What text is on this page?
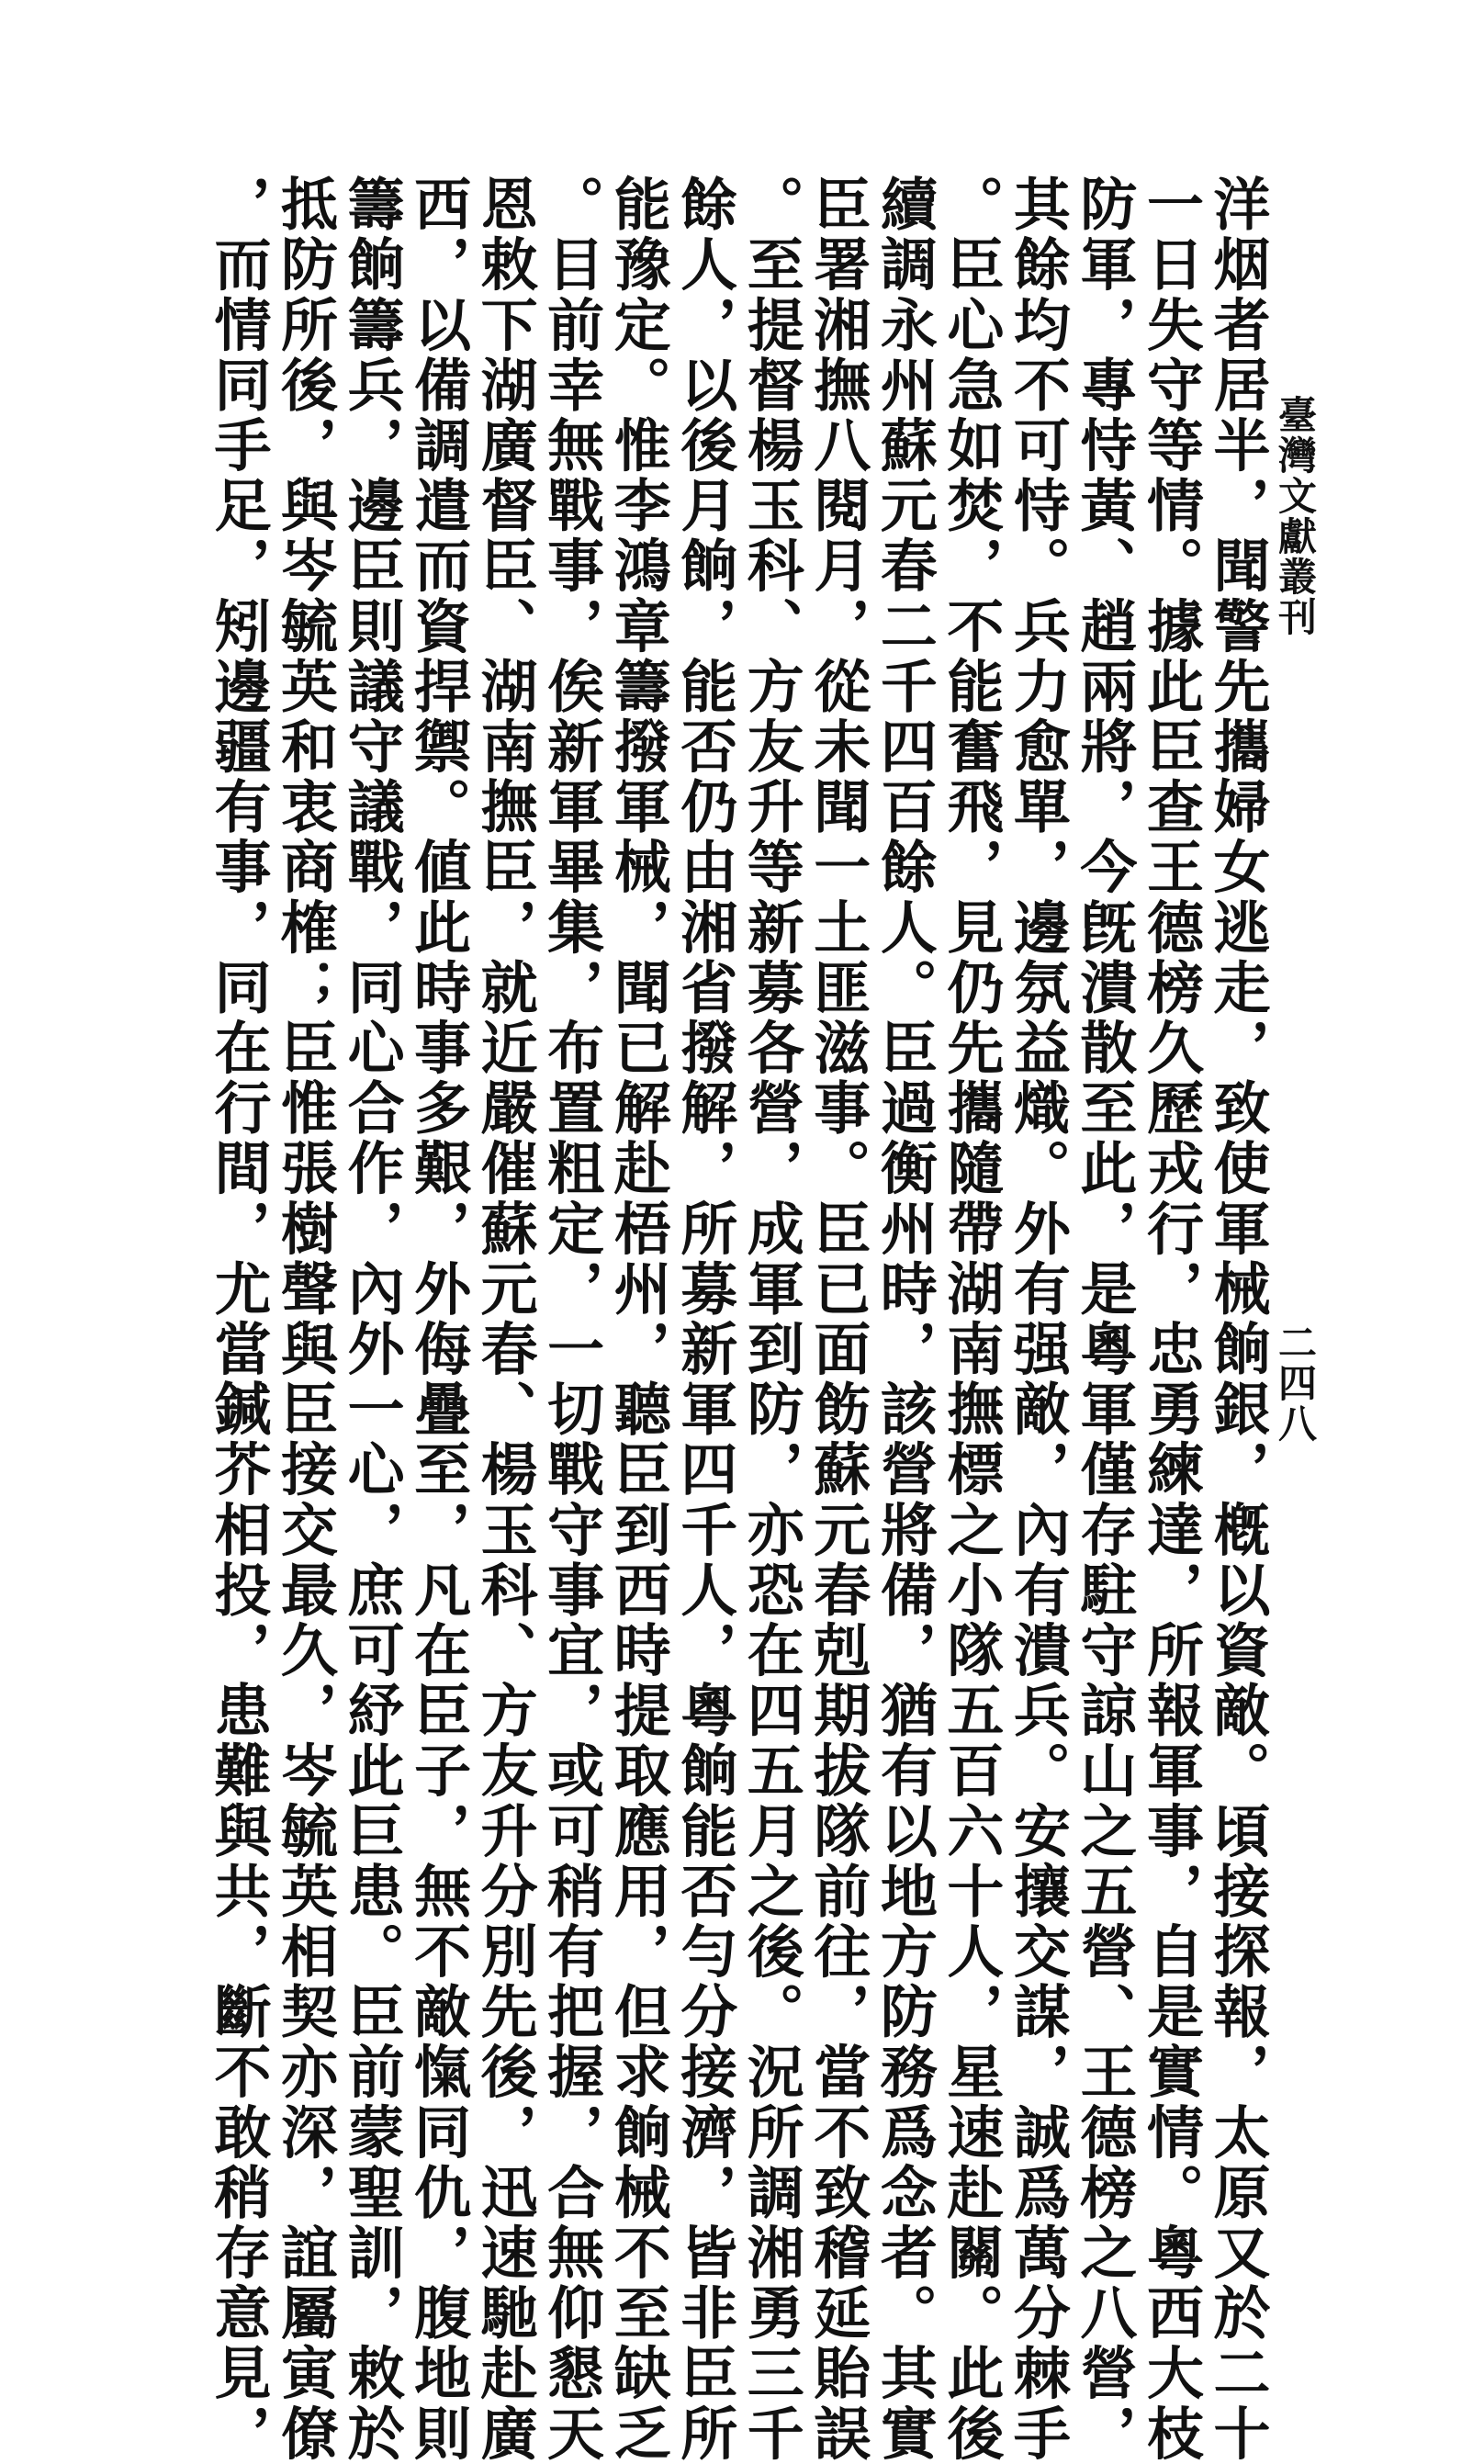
臺灣文獻叢刊
二四八
洋烟者居半，聞警先攜婦女逃走，致使軍械餉銀，槪以資敵。頃接探報，太原又於二十
一日失守等情。據此臣查王德榜久歷戎行，忠勇練達，所報軍事，自是實情。粵西大枝
防軍，專恃黃、趙兩將，今旣潰散至此，是粵軍僅存駐守諒山之五營、王德榜之八營，
其餘均不可恃。兵力愈單，邊氛益熾。外有强敵，內有潰兵。安攘交謀，誠爲萬分棘手
。臣心急如焚，不能奮飛，見仍先攜隨帶湖南撫標之小隊五百六十人，星速赴關。此後
續調永州蘇元春二千四百餘人。臣過衡州時，該營將備，猶有以地方防務爲念者。其實
臣署湘撫八閱月，從未聞一土匪滋事。臣已面飭蘇元春剋期拔隊前往，當不致稽延貽誤
。至提督楊玉科、方友升等新募各營，成軍到防，亦恐在四五月之後。況所調湘勇三千
餘人，以後月餉，能否仍由湘省撥解，所募新軍四千人，粵餉能否勻分接濟，皆非臣所
能豫定。惟李鴻章籌撥軍械，聞已解赴梧州，聽臣到西時提取應用，但求餉械不至缺乏
。目前幸無戰事，俟新軍畢集，布置粗定，一切戰守事宜，或可稍有把握，合無仰懇天
恩敕下湖廣督臣、湖南撫臣，就近嚴催蘇元春、楊玉科、方友升分別先後，迅速馳赴廣
西，以備調遣而資捍禦。値此時事多艱，外侮疊至，凡在臣子，無不敵愾同仇，腹地則
籌餉籌兵，邊臣則議守議戰，同心合作，內外一心，庶可紓此巨患。臣前蒙聖訓，敕於
抵防所後，與岑毓英和衷商榷；臣惟張樹聲與臣接交最久，岑毓英相契亦深，誼屬寅僚
，而情同手足，矧邊疆有事，同在行間，尤當鍼芥相投，患難與共，斷不敢稍存意見，
